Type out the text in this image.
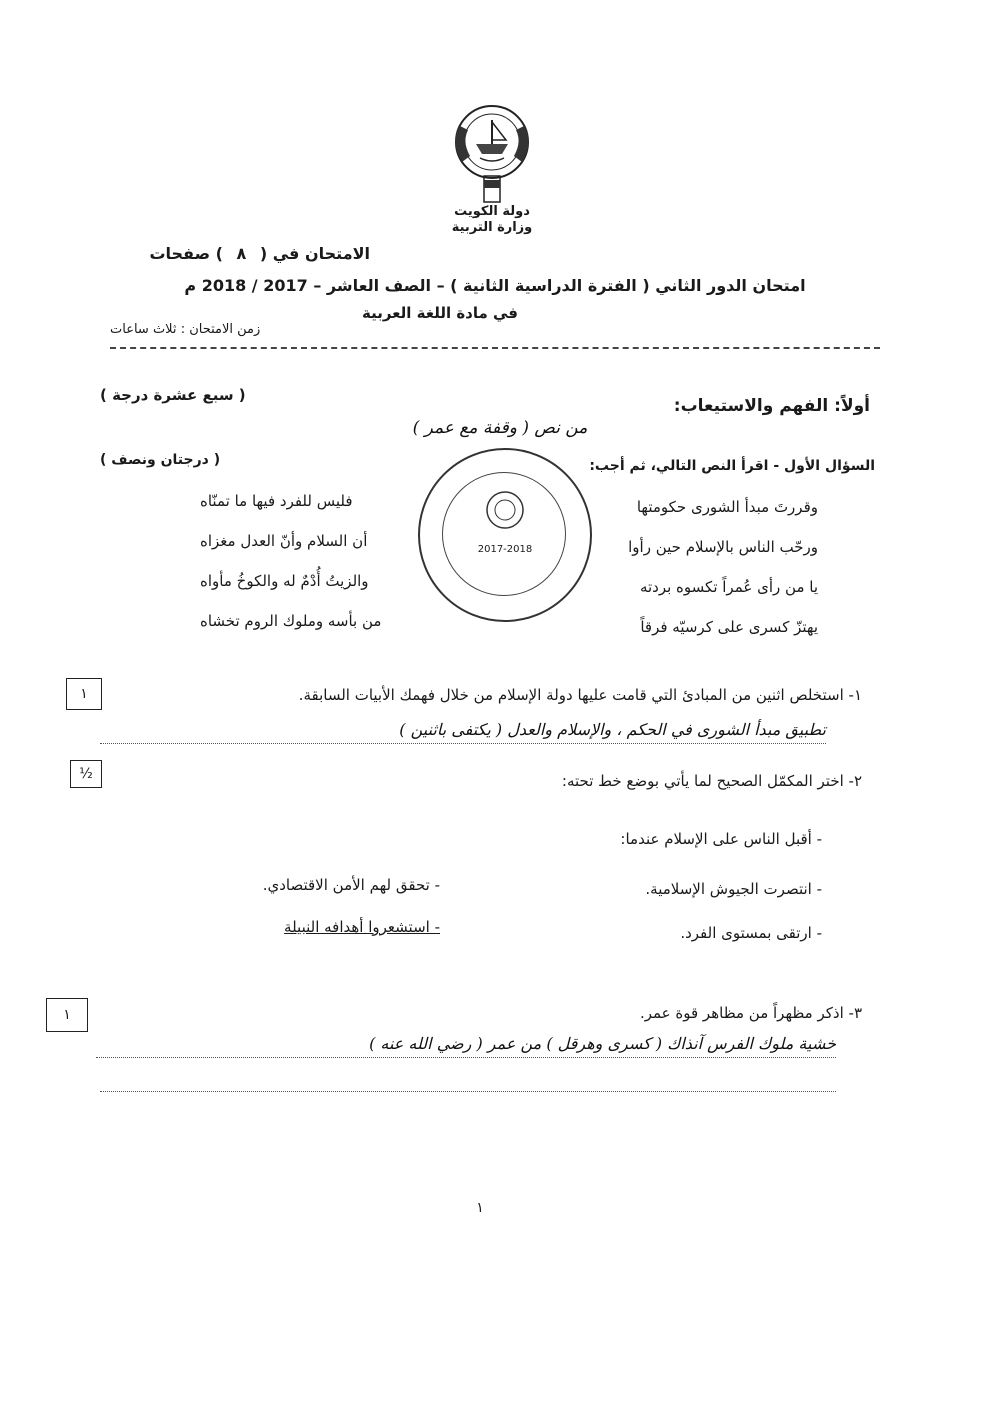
دولة الكويت
وزارة التربية
الامتحان في ( ٨ ) صفحات
امتحان الدور الثاني ( الفترة الدراسية الثانية ) – الصف العاشر – 2017 / 2018 م
في مادة اللغة العربية
زمن الامتحان : ثلاث ساعات
أولاً: الفهم والاستيعاب:
( سبع عشرة درجة )
من نص ( وقفة مع عمر )
السؤال الأول - اقرأ النص التالي، ثم أجب:
( درجتان ونصف )
وقررتَ مبدأ الشورى حكومتها
فليس للفرد فيها ما تمنّاه
ورحّب الناس بالإسلام حين رأوا
أن السلام وأنّ العدل مغزاه
يا من رأى عُمراً تكسوه بردته
والزيتُ أُدْمٌ له والكوخُ مأواه
يهتزّ كسرى على كرسيّه فرقاً
من بأسه وملوك الروم تخشاه
2017-2018
١	١- استخلص اثنين من المبادئ التي قامت عليها دولة الإسلام من خلال فهمك الأبيات السابقة.
تطبيق مبدأ الشورى في الحكم ، والإسلام والعدل ( يكتفى باثنين )
½	٢- اختر المكمّل الصحيح لما يأتي بوضع خط تحته:
- أقبل الناس على الإسلام عندما:
- انتصرت الجيوش الإسلامية.
- تحقق لهم الأمن الاقتصادي.
- ارتقى بمستوى الفرد.
- استشعروا أهدافه النبيلة
١	٣- اذكر مظهراً من مظاهر قوة عمر.
خشية ملوك الفرس آنذاك ( كسرى وهرقل ) من عمر ( رضي الله عنه )
١
